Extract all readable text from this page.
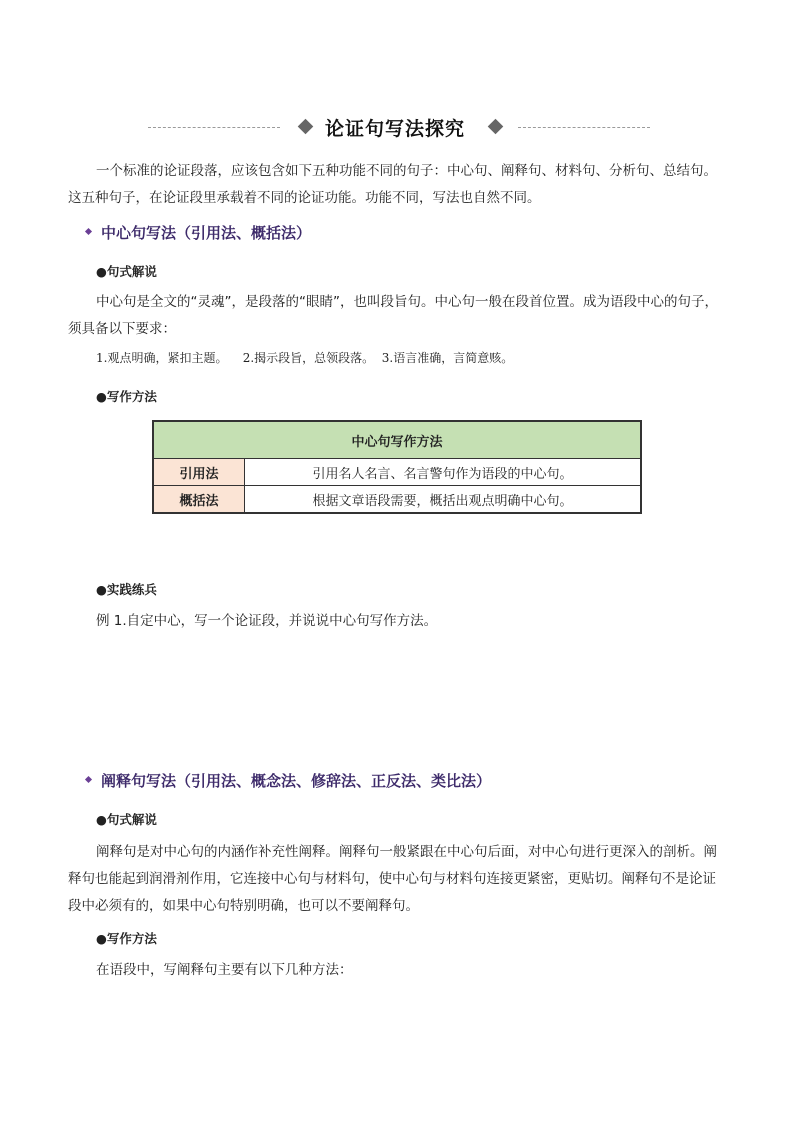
论证句写法探究

一个标准的论证段落，应该包含如下五种功能不同的句子：中心句、阐释句、材料句、分析句、总结句。这五种句子，在论证段里承载着不同的论证功能。功能不同，写法也自然不同。

中心句写法（引用法、概括法）
●句式解说

中心句是全文的“灵魂”，是段落的“眼睛”，也叫段旨句。中心句一般在段首位置。成为语段中心的句子，须具备以下要求：

1.观点明确，紧扣主题。    2.揭示段旨，总领段落。  3.语言准确，言简意赅。
●写作方法
中心句写作方法	
引用法	引用名人名言、名言警句作为语段的中心句。
概括法	根据文章语段需要，概括出观点明确中心句。
●实践练兵

例 1.自定中心，写一个论证段，并说说中心句写作方法。

阐释句写法（引用法、概念法、修辞法、正反法、类比法）
●句式解说

阐释句是对中心句的内涵作补充性阐释。阐释句一般紧跟在中心句后面，对中心句进行更深入的剖析。阐释句也能起到润滑剂作用，它连接中心句与材料句，使中心句与材料句连接更紧密，更贴切。阐释句不是论证段中必须有的，如果中心句特别明确，也可以不要阐释句。

●写作方法

在语段中，写阐释句主要有以下几种方法：
